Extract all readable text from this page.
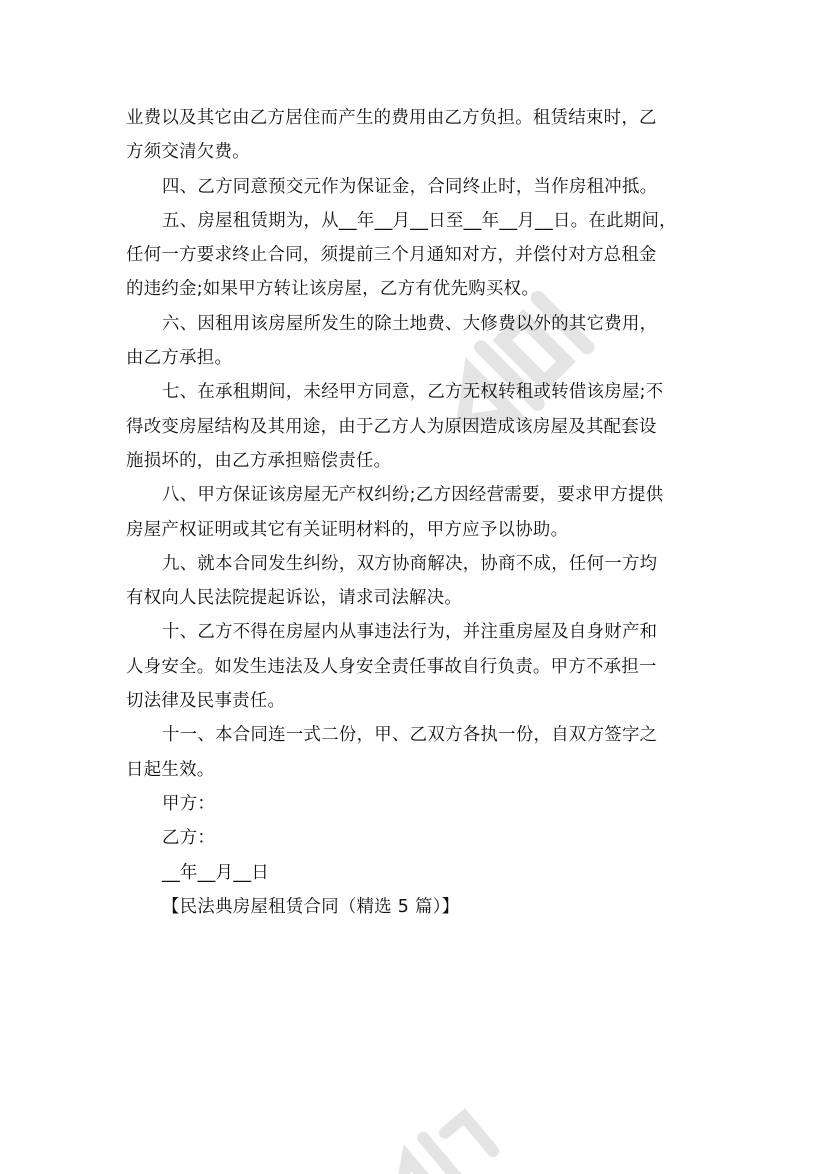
业费以及其它由乙方居住而产生的费用由乙方负担。租赁结束时，乙
方须交清欠费。
四、乙方同意预交元作为保证金，合同终止时，当作房租冲抵。
五、房屋租赁期为，从__年__月__日至__年__月__日。在此期间，
任何一方要求终止合同，须提前三个月通知对方，并偿付对方总租金
的违约金;如果甲方转让该房屋，乙方有优先购买权。
六、因租用该房屋所发生的除土地费、大修费以外的其它费用，
由乙方承担。
七、在承租期间，未经甲方同意，乙方无权转租或转借该房屋;不
得改变房屋结构及其用途，由于乙方人为原因造成该房屋及其配套设
施损坏的，由乙方承担赔偿责任。
八、甲方保证该房屋无产权纠纷;乙方因经营需要，要求甲方提供
房屋产权证明或其它有关证明材料的，甲方应予以协助。
九、就本合同发生纠纷，双方协商解决，协商不成，任何一方均
有权向人民法院提起诉讼，请求司法解决。
十、乙方不得在房屋内从事违法行为，并注重房屋及自身财产和
人身安全。如发生违法及人身安全责任事故自行负责。甲方不承担一
切法律及民事责任。
十一、本合同连一式二份，甲、乙双方各执一份，自双方签字之
日起生效。
甲方：
乙方：
__年__月__日
【民法典房屋租赁合同（精选 5 篇）】
